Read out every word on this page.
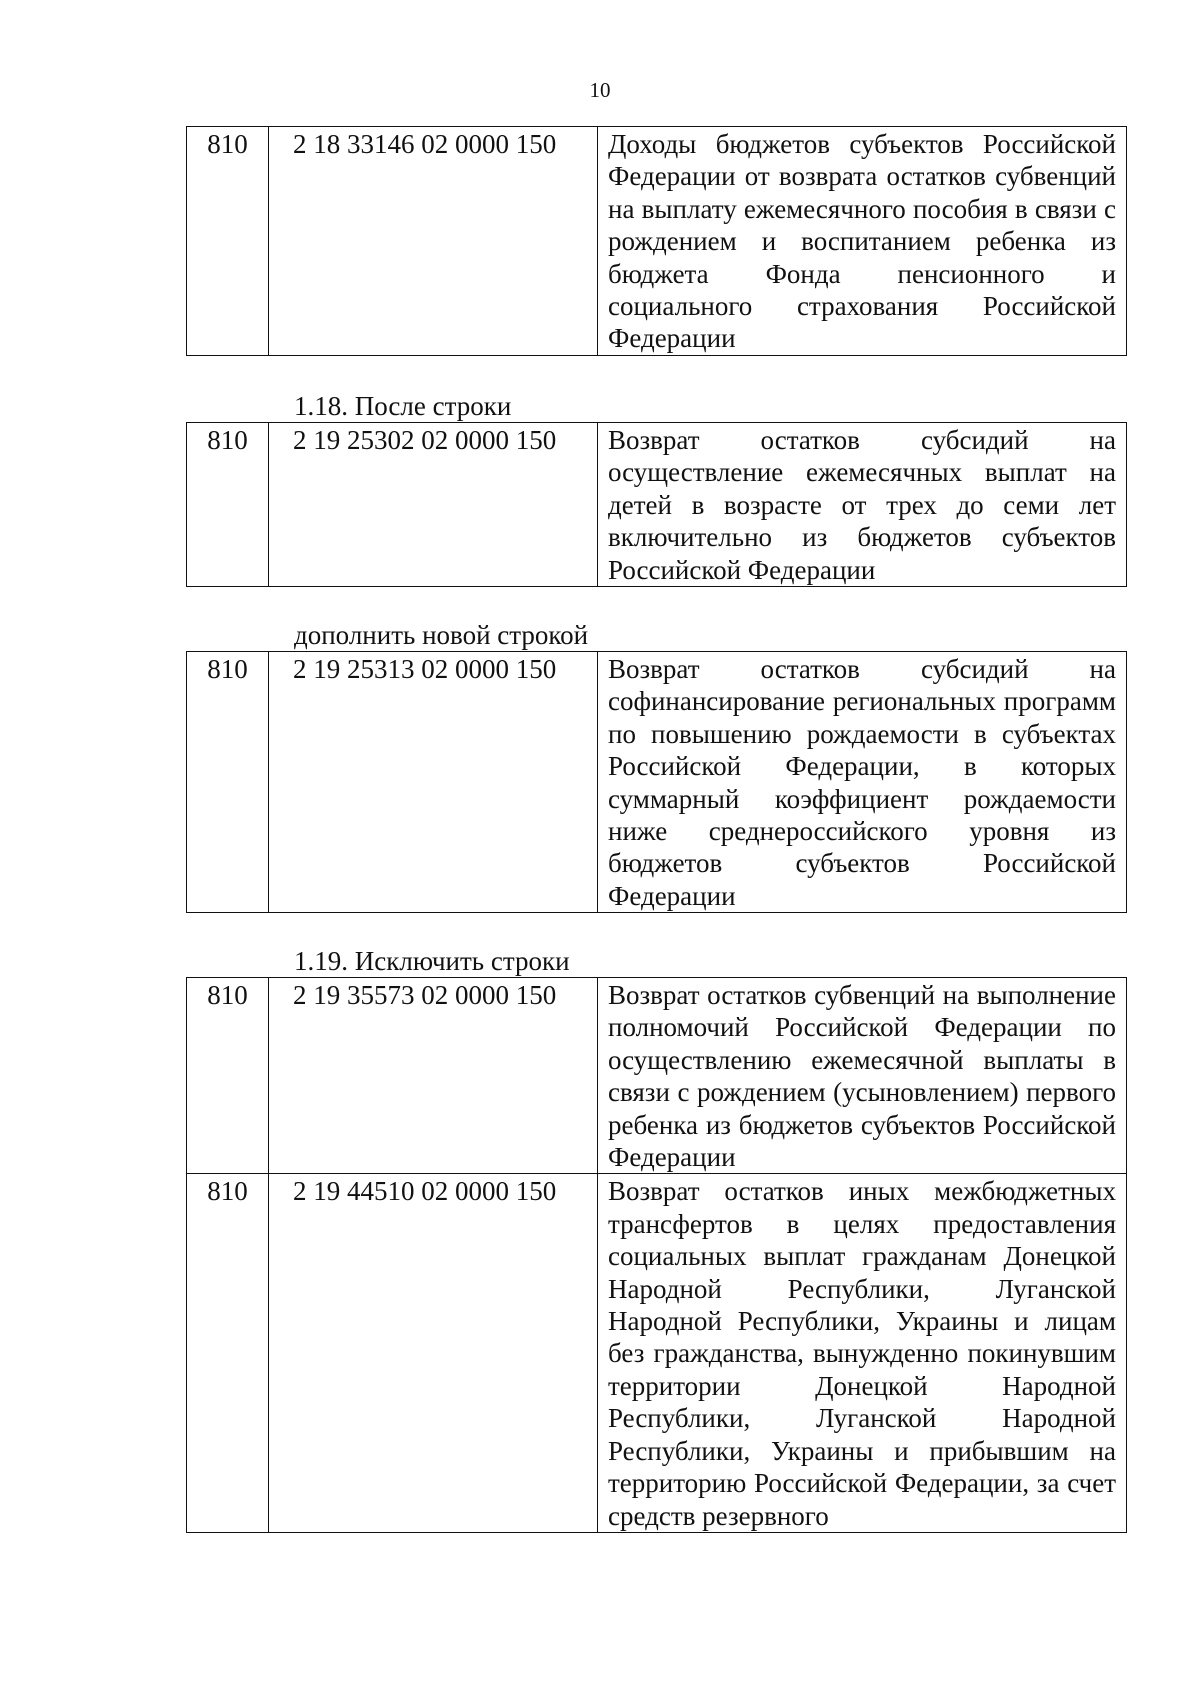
10
810	2 18 33146 02 0000 150	Доходы бюджетов субъектов Российской Федерации от возврата остатков субвенций на выплату ежемесячного пособия в связи с рождением и воспитанием ребенка из бюджета Фонда пенсионного и социального страхования Российской Федерации
1.18. После строки
810	2 19 25302 02 0000 150	Возврат остатков субсидий на осуществление ежемесячных выплат на детей в возрасте от трех до семи лет включительно из бюджетов субъектов Российской Федерации
дополнить новой строкой
810	2 19 25313 02 0000 150	Возврат остатков субсидий на софинансирование региональных программ по повышению рождаемости в субъектах Российской Федерации, в которых суммарный коэффициент рождаемости ниже среднероссийского уровня из бюджетов субъектов Российской Федерации
1.19. Исключить строки
810	2 19 35573 02 0000 150	Возврат остатков субвенций на выполнение полномочий Российской Федерации по осуществлению ежемесячной выплаты в связи с рождением (усыновлением) первого ребенка из бюджетов субъектов Российской Федерации
810	2 19 44510 02 0000 150	Возврат остатков иных межбюджетных трансфертов в целях предоставления социальных выплат гражданам Донецкой Народной Республики, Луганской Народной Республики, Украины и лицам без гражданства, вынужденно покинувшим территории Донецкой Народной Республики, Луганской Народной Республики, Украины и прибывшим на территорию Российской Федерации, за счет средств резервного
